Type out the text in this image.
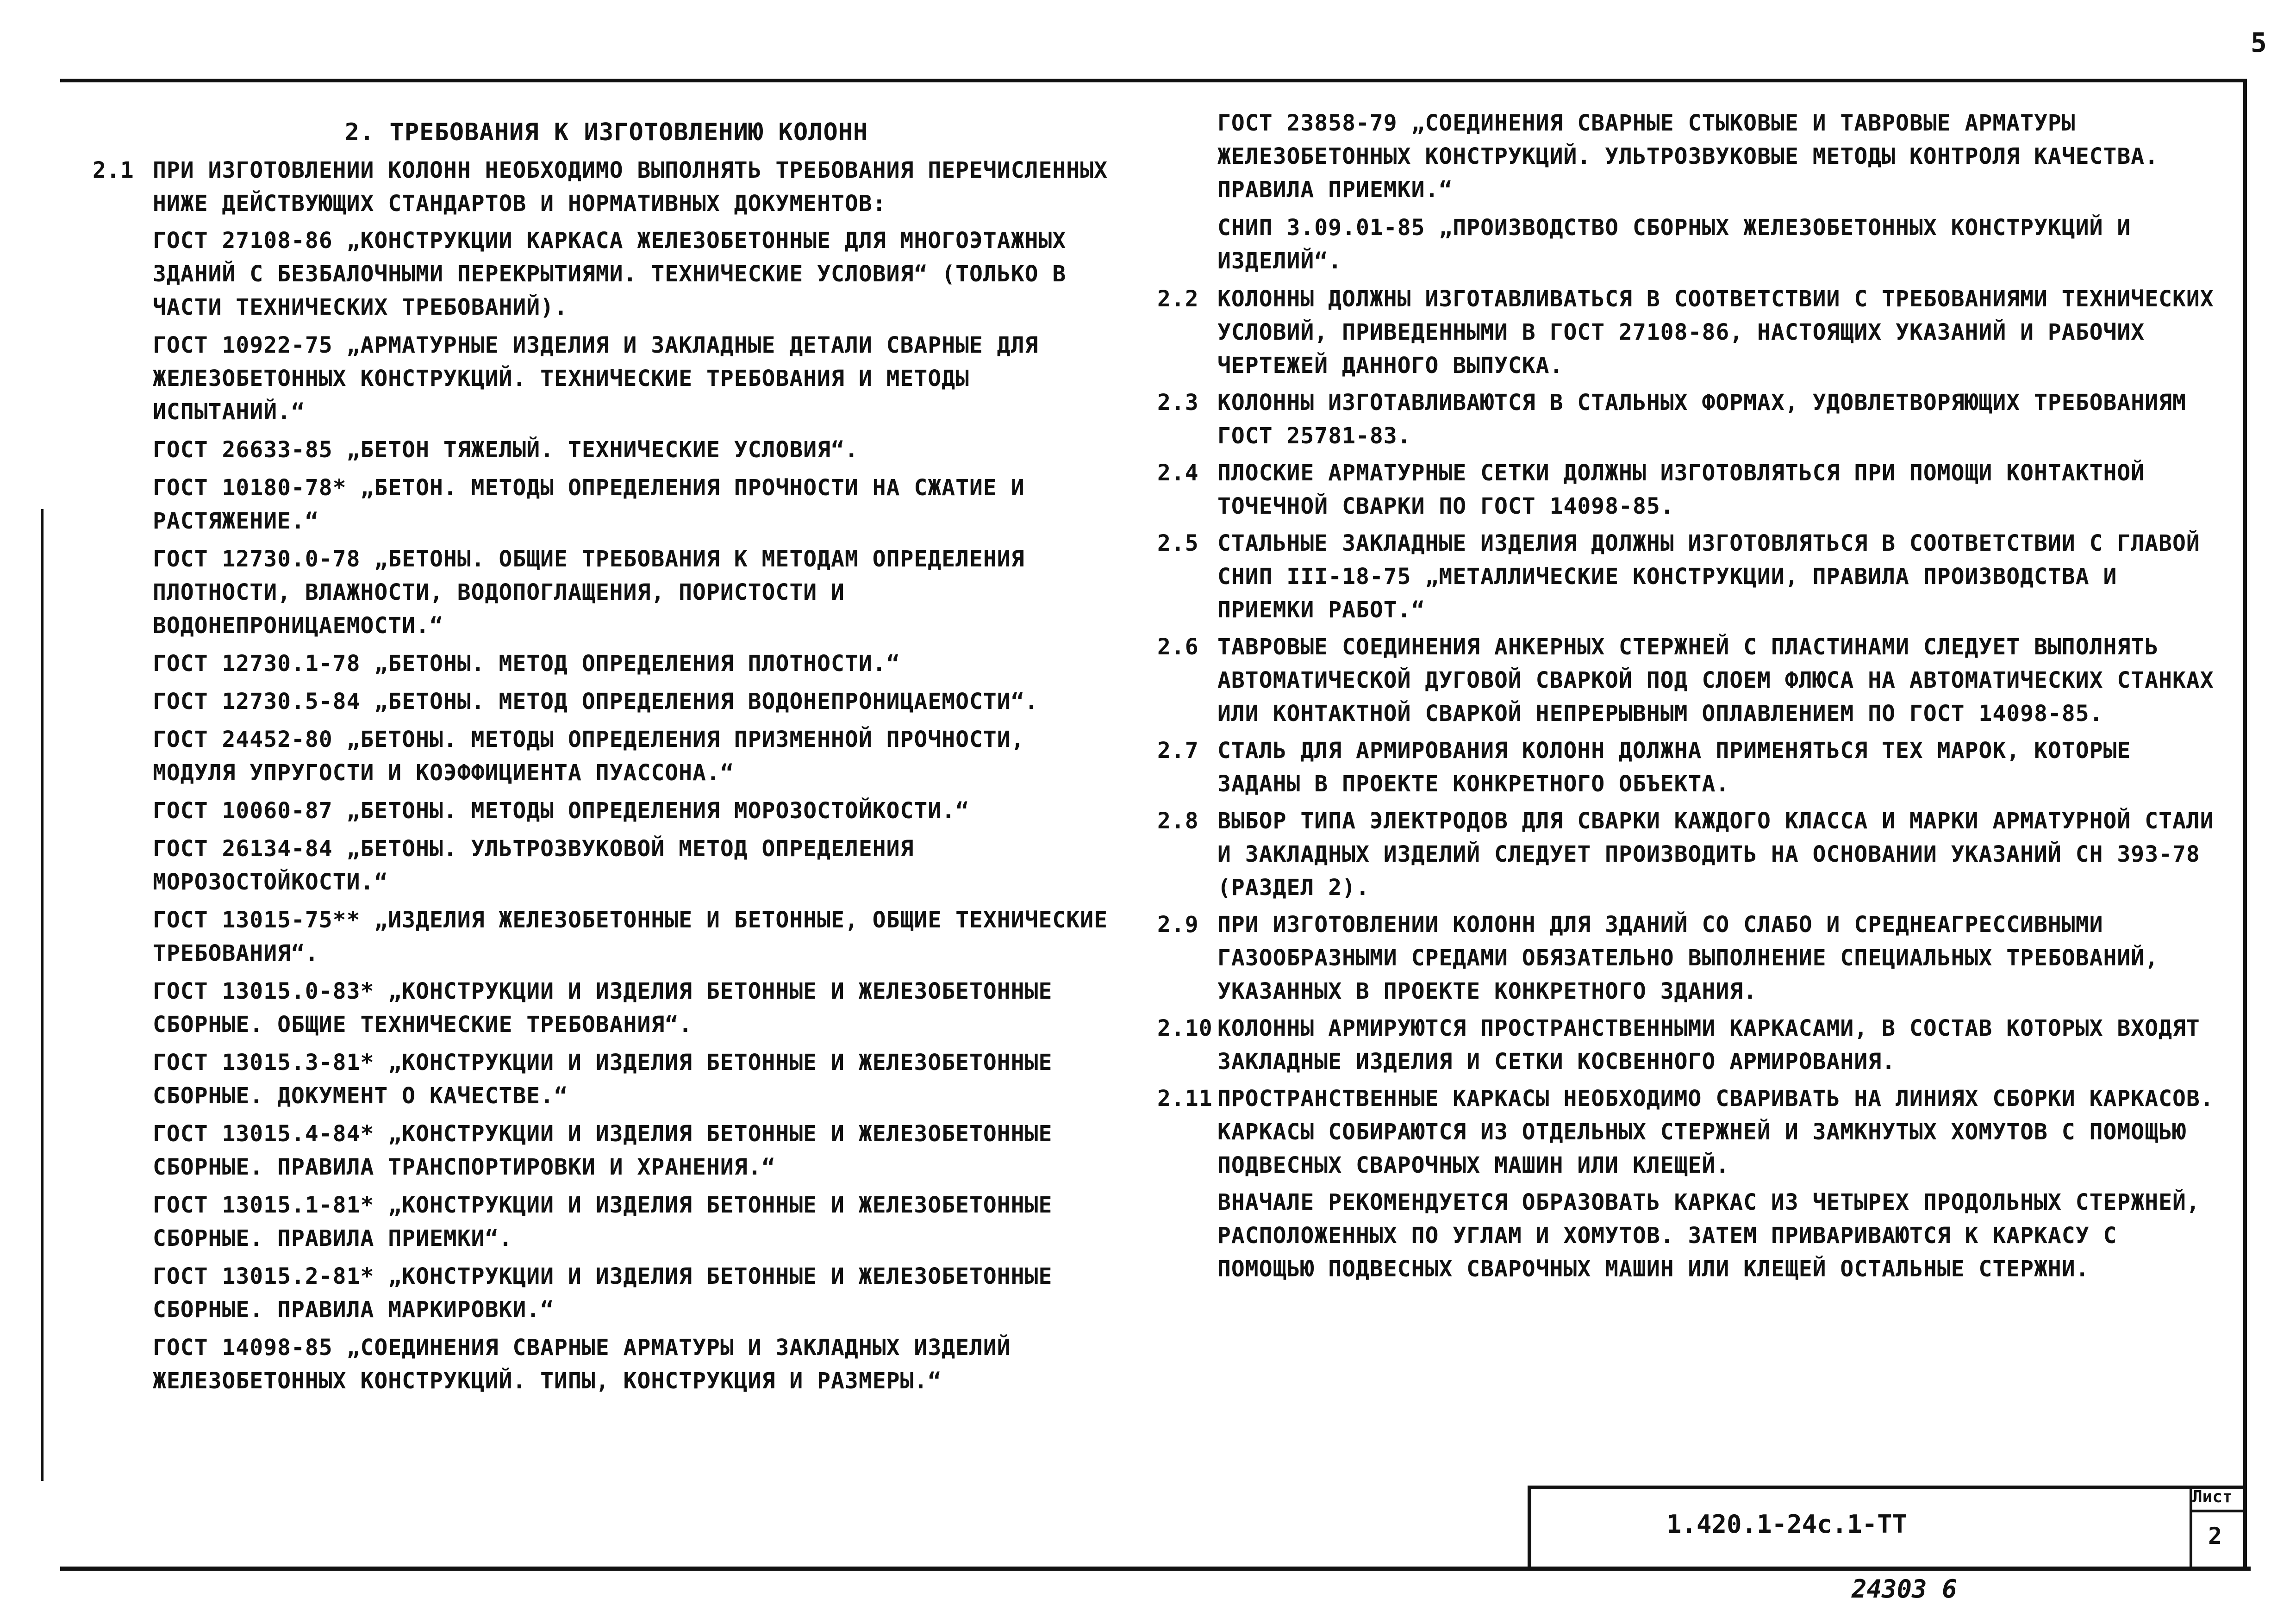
5
2. ТРЕБОВАНИЯ К ИЗГОТОВЛЕНИЮ КОЛОНН
2.1 ПРИ ИЗГОТОВЛЕНИИ КОЛОНН НЕОБХОДИМО ВЫПОЛНЯТЬ ТРЕБОВАНИЯ ПЕРЕЧИСЛЕННЫХ НИЖЕ ДЕЙСТВУЮЩИХ СТАНДАРТОВ И НОРМАТИВНЫХ ДОКУМЕНТОВ:
ГОСТ 27108-86 „КОНСТРУКЦИИ КАРКАСА ЖЕЛЕЗОБЕТОННЫЕ ДЛЯ МНОГОЭТАЖНЫХ ЗДАНИЙ С БЕЗБАЛОЧНЫМИ ПЕРЕКРЫТИЯМИ. ТЕХНИЧЕСКИЕ УСЛОВИЯ“ (ТОЛЬКО В ЧАСТИ ТЕХНИЧЕСКИХ ТРЕБОВАНИЙ).
ГОСТ 10922-75 „АРМАТУРНЫЕ ИЗДЕЛИЯ И ЗАКЛАДНЫЕ ДЕТАЛИ СВАРНЫЕ ДЛЯ ЖЕЛЕЗОБЕТОННЫХ КОНСТРУКЦИЙ. ТЕХНИЧЕСКИЕ ТРЕБОВАНИЯ И МЕТОДЫ ИСПЫТАНИЙ.“
ГОСТ 26633-85 „БЕТОН ТЯЖЕЛЫЙ. ТЕХНИЧЕСКИЕ УСЛОВИЯ“.
ГОСТ 10180-78* „БЕТОН. МЕТОДЫ ОПРЕДЕЛЕНИЯ ПРОЧНОСТИ НА СЖАТИЕ И РАСТЯЖЕНИЕ.“
ГОСТ 12730.0-78 „БЕТОНЫ. ОБЩИЕ ТРЕБОВАНИЯ К МЕТОДАМ ОПРЕДЕЛЕНИЯ ПЛОТНОСТИ, ВЛАЖНОСТИ, ВОДОПОГЛАЩЕНИЯ, ПОРИСТОСТИ И ВОДОНЕПРОНИЦАЕМОСТИ.“
ГОСТ 12730.1-78 „БЕТОНЫ. МЕТОД ОПРЕДЕЛЕНИЯ ПЛОТНОСТИ.“
ГОСТ 12730.5-84 „БЕТОНЫ. МЕТОД ОПРЕДЕЛЕНИЯ ВОДОНЕПРОНИЦАЕМОСТИ“.
ГОСТ 24452-80 „БЕТОНЫ. МЕТОДЫ ОПРЕДЕЛЕНИЯ ПРИЗМЕННОЙ ПРОЧНОСТИ, МОДУЛЯ УПРУГОСТИ И КОЭФФИЦИЕНТА ПУАССОНА.“
ГОСТ 10060-87 „БЕТОНЫ. МЕТОДЫ ОПРЕДЕЛЕНИЯ МОРОЗОСТОЙКОСТИ.“
ГОСТ 26134-84 „БЕТОНЫ. УЛЬТРОЗВУКОВОЙ МЕТОД ОПРЕДЕЛЕНИЯ МОРОЗОСТОЙКОСТИ.“
ГОСТ 13015-75** „ИЗДЕЛИЯ ЖЕЛЕЗОБЕТОННЫЕ И БЕТОННЫЕ, ОБЩИЕ ТЕХНИЧЕСКИЕ ТРЕБОВАНИЯ“.
ГОСТ 13015.0-83* „КОНСТРУКЦИИ И ИЗДЕЛИЯ БЕТОННЫЕ И ЖЕЛЕЗОБЕТОННЫЕ СБОРНЫЕ. ОБЩИЕ ТЕХНИЧЕСКИЕ ТРЕБОВАНИЯ“.
ГОСТ 13015.3-81* „КОНСТРУКЦИИ И ИЗДЕЛИЯ БЕТОННЫЕ И ЖЕЛЕЗОБЕТОННЫЕ СБОРНЫЕ. ДОКУМЕНТ О КАЧЕСТВЕ.“
ГОСТ 13015.4-84* „КОНСТРУКЦИИ И ИЗДЕЛИЯ БЕТОННЫЕ И ЖЕЛЕЗОБЕТОННЫЕ СБОРНЫЕ. ПРАВИЛА ТРАНСПОРТИРОВКИ И ХРАНЕНИЯ.“
ГОСТ 13015.1-81* „КОНСТРУКЦИИ И ИЗДЕЛИЯ БЕТОННЫЕ И ЖЕЛЕЗОБЕТОННЫЕ СБОРНЫЕ. ПРАВИЛА ПРИЕМКИ“.
ГОСТ 13015.2-81* „КОНСТРУКЦИИ И ИЗДЕЛИЯ БЕТОННЫЕ И ЖЕЛЕЗОБЕТОННЫЕ СБОРНЫЕ. ПРАВИЛА МАРКИРОВКИ.“
ГОСТ 14098-85 „СОЕДИНЕНИЯ СВАРНЫЕ АРМАТУРЫ И ЗАКЛАДНЫХ ИЗДЕЛИЙ ЖЕЛЕЗОБЕТОННЫХ КОНСТРУКЦИЙ. ТИПЫ, КОНСТРУКЦИЯ И РАЗМЕРЫ.“
ГОСТ 23858-79 „СОЕДИНЕНИЯ СВАРНЫЕ СТЫКОВЫЕ И ТАВРОВЫЕ АРМАТУРЫ ЖЕЛЕЗОБЕТОННЫХ КОНСТРУКЦИЙ. УЛЬТРОЗВУКОВЫЕ МЕТОДЫ КОНТРОЛЯ КАЧЕСТВА. ПРАВИЛА ПРИЕМКИ.“
СНИП 3.09.01-85 „ПРОИЗВОДСТВО СБОРНЫХ ЖЕЛЕЗОБЕТОННЫХ КОНСТРУКЦИЙ И ИЗДЕЛИЙ“.
2.2 КОЛОННЫ ДОЛЖНЫ ИЗГОТАВЛИВАТЬСЯ В СООТВЕТСТВИИ С ТРЕБОВАНИЯМИ ТЕХНИЧЕСКИХ УСЛОВИЙ, ПРИВЕДЕННЫМИ В ГОСТ 27108-86, НАСТОЯЩИХ УКАЗАНИЙ И РАБОЧИХ ЧЕРТЕЖЕЙ ДАННОГО ВЫПУСКА.
2.3 КОЛОННЫ ИЗГОТАВЛИВАЮТСЯ В СТАЛЬНЫХ ФОРМАХ, УДОВЛЕТВОРЯЮЩИХ ТРЕБОВАНИЯМ ГОСТ 25781-83.
2.4 ПЛОСКИЕ АРМАТУРНЫЕ СЕТКИ ДОЛЖНЫ ИЗГОТОВЛЯТЬСЯ ПРИ ПОМОЩИ КОНТАКТНОЙ ТОЧЕЧНОЙ СВАРКИ ПО ГОСТ 14098-85.
2.5 СТАЛЬНЫЕ ЗАКЛАДНЫЕ ИЗДЕЛИЯ ДОЛЖНЫ ИЗГОТОВЛЯТЬСЯ В СООТВЕТСТВИИ С ГЛАВОЙ СНИП III-18-75 „МЕТАЛЛИЧЕСКИЕ КОНСТРУКЦИИ, ПРАВИЛА ПРОИЗВОДСТВА И ПРИЕМКИ РАБОТ.“
2.6 ТАВРОВЫЕ СОЕДИНЕНИЯ АНКЕРНЫХ СТЕРЖНЕЙ С ПЛАСТИНАМИ СЛЕДУЕТ ВЫПОЛНЯТЬ АВТОМАТИЧЕСКОЙ ДУГОВОЙ СВАРКОЙ ПОД СЛОЕМ ФЛЮСА НА АВТОМАТИЧЕСКИХ СТАНКАХ ИЛИ КОНТАКТНОЙ СВАРКОЙ НЕПРЕРЫВНЫМ ОПЛАВЛЕНИЕМ ПО ГОСТ 14098-85.
2.7 СТАЛЬ ДЛЯ АРМИРОВАНИЯ КОЛОНН ДОЛЖНА ПРИМЕНЯТЬСЯ ТЕХ МАРОК, КОТОРЫЕ ЗАДАНЫ В ПРОЕКТЕ КОНКРЕТНОГО ОБЪЕКТА.
2.8 ВЫБОР ТИПА ЭЛЕКТРОДОВ ДЛЯ СВАРКИ КАЖДОГО КЛАССА И МАРКИ АРМАТУРНОЙ СТАЛИ И ЗАКЛАДНЫХ ИЗДЕЛИЙ СЛЕДУЕТ ПРОИЗВОДИТЬ НА ОСНОВАНИИ УКАЗАНИЙ СН 393-78 (РАЗДЕЛ 2).
2.9 ПРИ ИЗГОТОВЛЕНИИ КОЛОНН ДЛЯ ЗДАНИЙ СО СЛАБО И СРЕДНЕАГРЕССИВНЫМИ ГАЗООБРАЗНЫМИ СРЕДАМИ ОБЯЗАТЕЛЬНО ВЫПОЛНЕНИЕ СПЕЦИАЛЬНЫХ ТРЕБОВАНИЙ, УКАЗАННЫХ В ПРОЕКТЕ КОНКРЕТНОГО ЗДАНИЯ.
2.10 КОЛОННЫ АРМИРУЮТСЯ ПРОСТРАНСТВЕННЫМИ КАРКАСАМИ, В СОСТАВ КОТОРЫХ ВХОДЯТ ЗАКЛАДНЫЕ ИЗДЕЛИЯ И СЕТКИ КОСВЕННОГО АРМИРОВАНИЯ.
2.11 ПРОСТРАНСТВЕННЫЕ КАРКАСЫ НЕОБХОДИМО СВАРИВАТЬ НА ЛИНИЯХ СБОРКИ КАРКАСОВ. КАРКАСЫ СОБИРАЮТСЯ ИЗ ОТДЕЛЬНЫХ СТЕРЖНЕЙ И ЗАМКНУТЫХ ХОМУТОВ С ПОМОЩЬЮ ПОДВЕСНЫХ СВАРОЧНЫХ МАШИН ИЛИ КЛЕЩЕЙ.
ВНАЧАЛЕ РЕКОМЕНДУЕТСЯ ОБРАЗОВАТЬ КАРКАС ИЗ ЧЕТЫРЕХ ПРОДОЛЬНЫХ СТЕРЖНЕЙ, РАСПОЛОЖЕННЫХ ПО УГЛАМ И ХОМУТОВ. ЗАТЕМ ПРИВАРИВАЮТСЯ К КАРКАСУ С ПОМОЩЬЮ ПОДВЕСНЫХ СВАРОЧНЫХ МАШИН ИЛИ КЛЕЩЕЙ ОСТАЛЬНЫЕ СТЕРЖНИ.
1.420.1-24с.1-ТТ
Лист
2
24303 6
